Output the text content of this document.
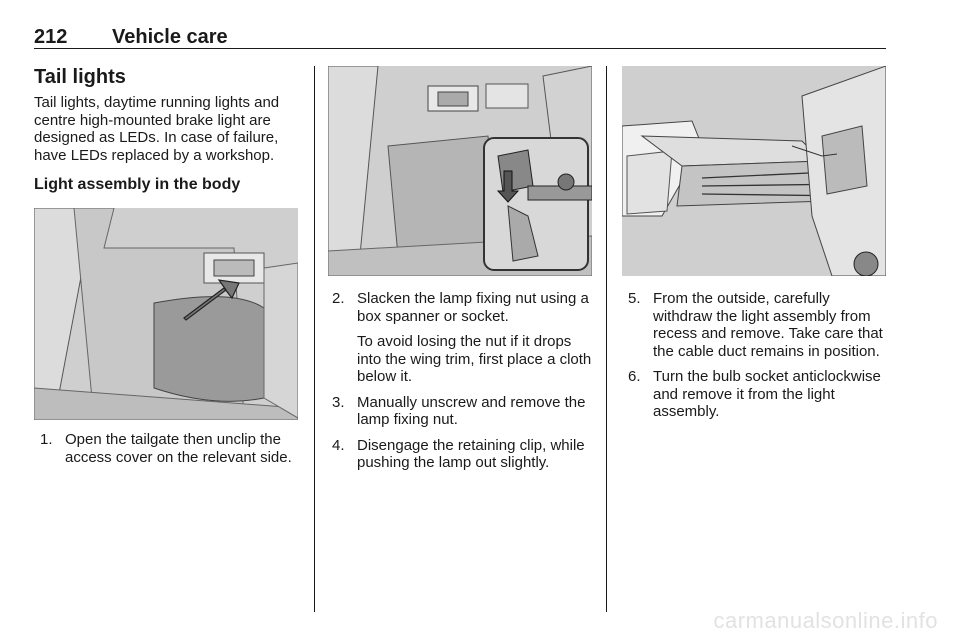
212 Vehicle care
Tail lights

Tail lights, daytime running lights and centre high-mounted brake light are designed as LEDs. In case of failure, have LEDs replaced by a workshop.

Light assembly in the body
1. Open the tailgate then unclip the access cover on the relevant side.
2. Slacken the lamp fixing nut using a box spanner or socket.
To avoid losing the nut if it drops into the wing trim, first place a cloth below it.
3. Manually unscrew and remove the lamp fixing nut.
4. Disengage the retaining clip, while pushing the lamp out slightly.
5. From the outside, carefully withdraw the light assembly from recess and remove. Take care that the cable duct remains in position.
6. Turn the bulb socket anticlockwise and remove it from the light assembly.
carmanualsonline.info
